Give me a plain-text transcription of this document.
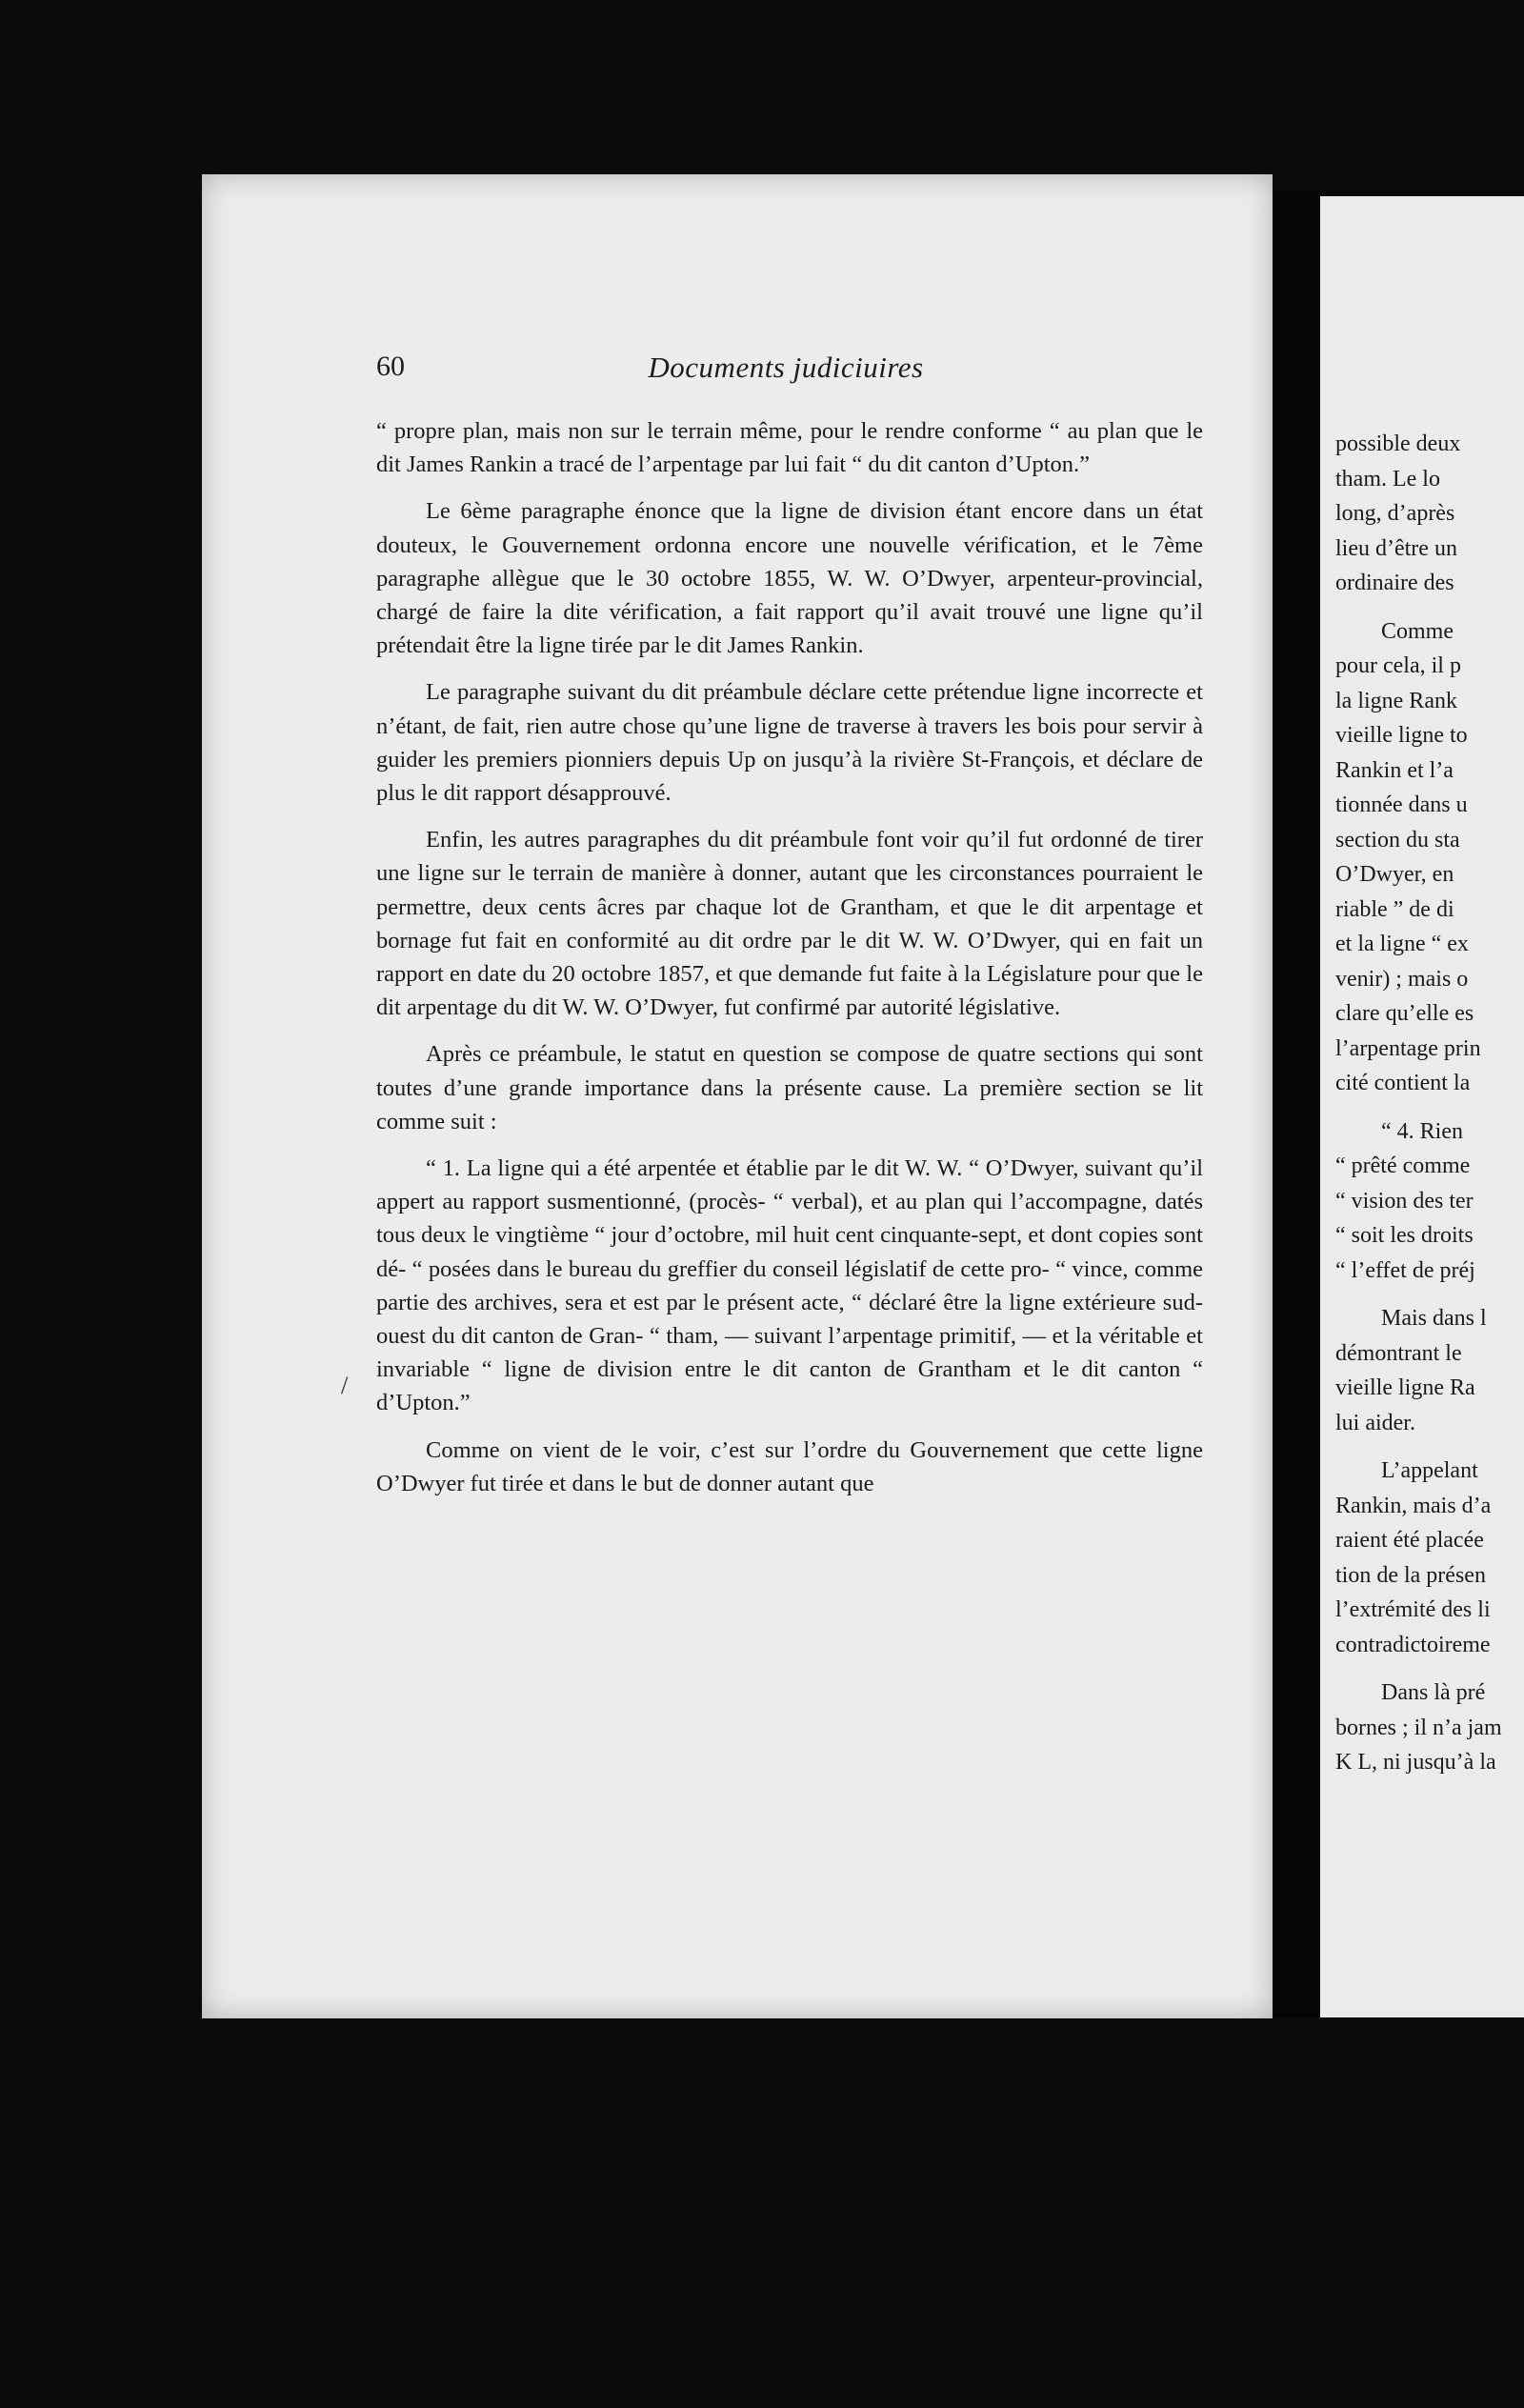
60	Documents judiciuires

“ propre plan, mais non sur le terrain même, pour le rendre conforme “ au plan que le dit James Rankin a tracé de l’arpentage par lui fait “ du dit canton d’Upton.”

Le 6ème paragraphe énonce que la ligne de division étant encore dans un état douteux, le Gouvernement ordonna encore une nouvelle vérification, et le 7ème paragraphe allègue que le 30 octobre 1855, W. W. O’Dwyer, arpenteur-provincial, chargé de faire la dite vérification, a fait rapport qu’il avait trouvé une ligne qu’il prétendait être la ligne tirée par le dit James Rankin.

Le paragraphe suivant du dit préambule déclare cette prétendue ligne incorrecte et n’étant, de fait, rien autre chose qu’une ligne de traverse à travers les bois pour servir à guider les premiers pionniers depuis Up on jusqu’à la rivière St-François, et déclare de plus le dit rapport désapprouvé.

Enfin, les autres paragraphes du dit préambule font voir qu’il fut ordonné de tirer une ligne sur le terrain de manière à donner, autant que les circonstances pourraient le permettre, deux cents âcres par chaque lot de Grantham, et que le dit arpentage et bornage fut fait en conformité au dit ordre par le dit W. W. O’Dwyer, qui en fait un rapport en date du 20 octobre 1857, et que demande fut faite à la Législature pour que le dit arpentage du dit W. W. O’Dwyer, fut confirmé par autorité législative.

Après ce préambule, le statut en question se compose de quatre sections qui sont toutes d’une grande importance dans la présente cause. La première section se lit comme suit :

“ 1. La ligne qui a été arpentée et établie par le dit W. W. “ O’Dwyer, suivant qu’il appert au rapport susmentionné, (procès- “ verbal), et au plan qui l’accompagne, datés tous deux le vingtième “ jour d’octobre, mil huit cent cinquante-sept, et dont copies sont dé- “ posées dans le bureau du greffier du conseil législatif de cette pro- “ vince, comme partie des archives, sera et est par le présent acte, “ déclaré être la ligne extérieure sud-ouest du dit canton de Gran- “ tham, — suivant l’arpentage primitif, — et la véritable et invariable “ ligne de division entre le dit canton de Grantham et le dit canton “ d’Upton.”

Comme on vient de le voir, c’est sur l’ordre du Gouvernement que cette ligne O’Dwyer fut tirée et dans le but de donner autant que

/
possible deux
tham. Le lo
long, d’après
lieu d’être un
ordinaire des
Comme
pour cela, il p
la ligne Rank
vieille ligne to
Rankin et l’a
tionnée dans u
section du sta
O’Dwyer, en
riable ” de di
et la ligne “ ex
venir) ; mais o
clare qu’elle es
l’arpentage prin
cité contient la
“ 4. Rien
“ prêté comme
“ vision des ter
“ soit les droits
“ l’effet de préj
Mais dans l
démontrant le
vieille ligne Ra
lui aider.
L’appelant
Rankin, mais d’a
raient été placée
tion de la présen
l’extrémité des li
contradictoireme
Dans là pré
bornes ; il n’a jam
K L, ni jusqu’à la
